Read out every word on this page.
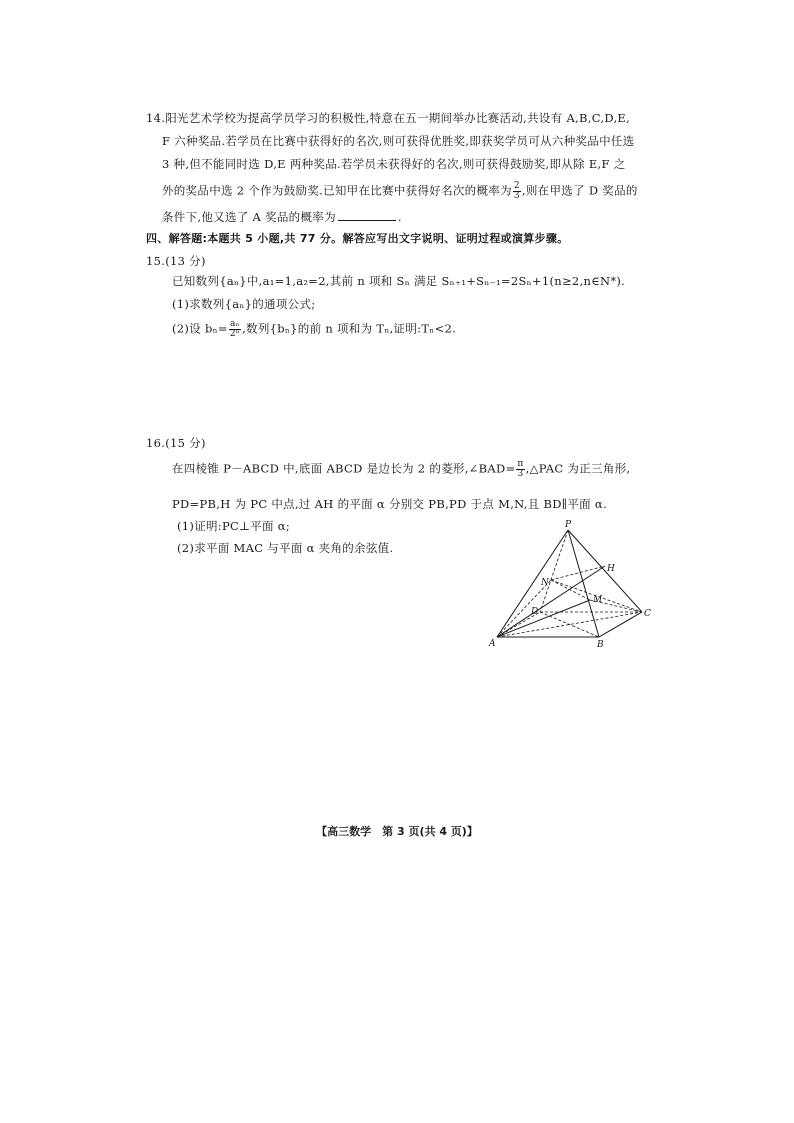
14.阳光艺术学校为提高学员学习的积极性,特意在五一期间举办比赛活动,共设有 A,B,C,D,E,
F 六种奖品.若学员在比赛中获得好的名次,则可获得优胜奖,即获奖学员可从六种奖品中任选
3 种,但不能同时选 D,E 两种奖品.若学员未获得好的名次,则可获得鼓励奖,即从除 E,F 之
外的奖品中选 2 个作为鼓励奖.已知甲在比赛中获得好名次的概率为 $\frac{2}{3}$ ,则在甲选了 D 奖品的
条件下,他又选了 A 奖品的概率为	.
四、解答题:本题共 5 小题,共 77 分。解答应写出文字说明、证明过程或演算步骤。
15.(13 分)
已知数列{aₙ}中,a₁=1,a₂=2,其前 n 项和 Sₙ 满足 Sₙ₊₁+Sₙ₋₁=2Sₙ+1(n≥2,n∈N*).
(1)求数列{aₙ}的通项公式;
(2)设 $b_n= \frac{\text{aₙ}}{\text{2ⁿ}}$ ,数列{bₙ}的前 n 项和为 Tₙ,证明:Tₙ<2.
16.(15 分)
在四棱锥 P－ABCD 中,底面 ABCD 是边长为 2 的菱形,∠BAD= $\frac{\pi}{3}$ ,△PAC 为正三角形,
PD=PB,H 为 PC 中点,过 AH 的平面 α 分别交 PB,PD 于点 M,N,且 BD∥平面 α.
(1)证明:PC⊥平面 α;
(2)求平面 MAC 与平面 α 夹角的余弦值.
P
H
N
M
D	C
A	B
【高三数学　第 3 页(共 4 页)】
